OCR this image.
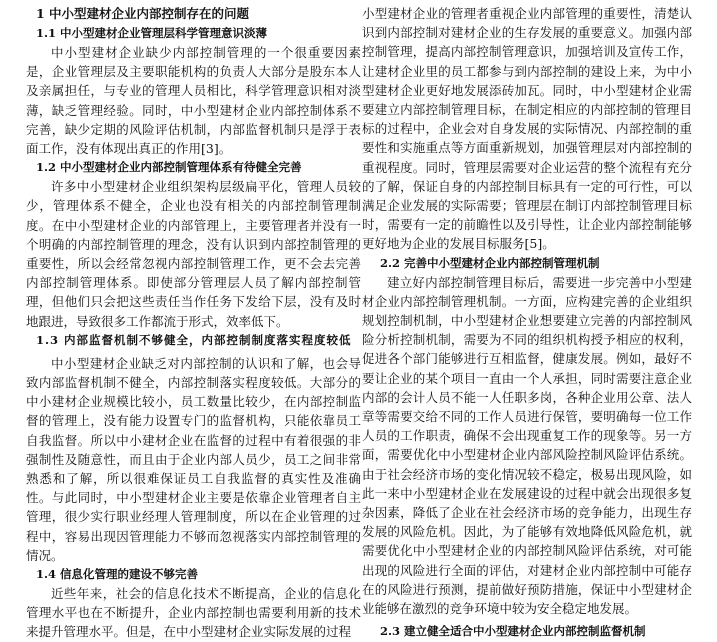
1 中小型建材企业内部控制存在的问题

1.1 中小型建材企业管理层科学管理意识淡薄

中小型建材企业缺少内部控制管理的一个很重要因素是，企业管理层及主要职能机构的负责人大部分是股东本人及亲属担任，与专业的管理人员相比，科学管理意识相对淡薄，缺乏管理经验。同时，中小型建材企业内部控制体系不完善，缺少定期的风险评估机制，内部监督机制只是浮于表面工作，没有体现出真正的作用[3]。

1.2 中小型建材企业内部控制管理体系有待健全完善

许多中小型建材企业组织架构层级扁平化，管理人员较少，管理体系不健全，企业也没有相关的内部控制管理制度。在中小型建材企业的内部管理上，主要管理者并没有一个明确的内部控制管理的理念，没有认识到内部控制管理的重要性，所以会经常忽视内部控制管理工作，更不会去完善内部控制管理体系。即使部分管理层人员了解内部控制管理，但他们只会把这些责任当作任务下发给下层，没有及时地跟进，导致很多工作都流于形式，效率低下。

1.3 内部监督机制不够健全，内部控制制度落实程度较低

中小型建材企业缺乏对内部控制的认识和了解，也会导致内部监督机制不健全，内部控制落实程度较低。大部分的中小建材企业规模比较小，员工数量比较少，在内部控制监督的管理上，没有能力设置专门的监督机构，只能依靠员工自我监督。所以中小建材企业在监督的过程中有着很强的非强制性及随意性，而且由于企业内部人员少，员工之间非常熟悉和了解，所以很难保证员工自我监督的真实性及准确性。与此同时，中小型建材企业主要是依靠企业管理者自主管理，很少实行职业经理人管理制度，所以在企业管理的过程中，容易出现因管理能力不够而忽视落实内部控制管理的情况。

1.4 信息化管理的建设不够完善

近些年来，社会的信息化技术不断提高，企业的信息化管理水平也在不断提升，企业内部控制也需要利用新的技术来提升管理水平。但是，在中小型建材企业实际发展的过程

小型建材企业的管理者重视企业内部管理的重要性，清楚认识到内部控制对建材企业的生存发展的重要意义。加强内部控制管理，提高内部控制管理意识，加强培训及宣传工作，让建材企业里的员工都参与到内部控制的建设上来，为中小型建材企业更好地发展添砖加瓦。同时，中小型建材企业需要建立内部控制管理目标，在制定相应的内部控制的管理目标的过程中，企业会对自身发展的实际情况、内部控制的重要性和实施重点等方面重新规划，加强管理层对内部控制的重视程度。同时，管理层需要对企业运营的整个流程有充分的了解，保证自身的内部控制目标具有一定的可行性，可以满足企业发展的实际需要；管理层在制订内部控制管理目标时，需要有一定的前瞻性以及引导性，让企业内部控制能够更好地为企业的发展目标服务[5]。

2.2 完善中小型建材企业内部控制管理机制

建立好内部控制管理目标后，需要进一步完善中小型建材企业内部控制管理机制。一方面，应构建完善的企业组织规划控制机制，中小型建材企业想要建立完善的内部控制风险分析控制机制，需要为不同的组织机构授予相应的权利，促进各个部门能够进行互相监督，健康发展。例如，最好不要让企业的某个项目一直由一个人承担，同时需要注意企业内部的会计人员不能一人任职多岗，各种企业用公章、法人章等需要交给不同的工作人员进行保管，要明确每一位工作人员的工作职责，确保不会出现重复工作的现象等。另一方面，需要优化中小型建材企业内部风险控制风险评估系统。由于社会经济市场的变化情况较不稳定，极易出现风险，如此一来中小型建材企业在发展建设的过程中就会出现很多复杂因素，降低了企业在社会经济市场的竞争能力，出现生存发展的风险危机。因此，为了能够有效地降低风险危机，就需要优化中小型建材企业的内部控制风险评估系统，对可能出现的风险进行全面的评估，对建材企业内部控制中可能存在的风险进行预测，提前做好预防措施，保证中小型建材企业能够在激烈的竞争环境中较为安全稳定地发展。

2.3 建立健全适合中小型建材企业内部控制监督机制
